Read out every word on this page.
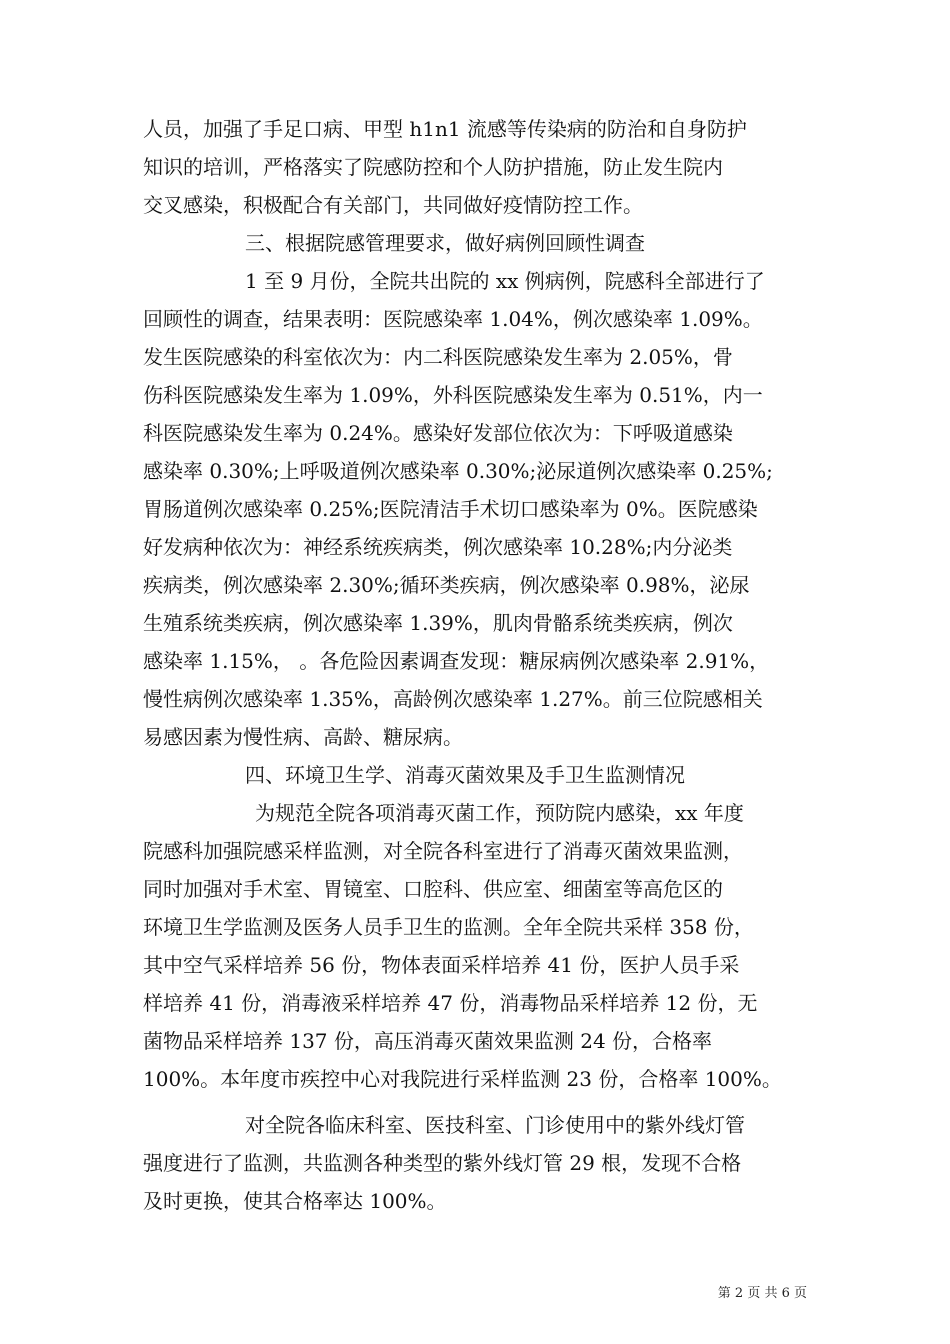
人员，加强了手足口病、甲型 h1n1 流感等传染病的防治和自身防护
知识的培训，严格落实了院感防控和个人防护措施，防止发生院内
交叉感染，积极配合有关部门，共同做好疫情防控工作。
三、根据院感管理要求，做好病例回顾性调查
1 至 9 月份，全院共出院的 xx 例病例，院感科全部进行了
回顾性的调查，结果表明：医院感染率 1.04%，例次感染率 1.09%。
发生医院感染的科室依次为：内二科医院感染发生率为 2.05%，骨
伤科医院感染发生率为 1.09%，外科医院感染发生率为 0.51%，内一
科医院感染发生率为 0.24%。感染好发部位依次为：下呼吸道感染
感染率 0.30%;上呼吸道例次感染率 0.30%;泌尿道例次感染率 0.25%;
胃肠道例次感染率 0.25%;医院清洁手术切口感染率为 0%。医院感染
好发病种依次为：神经系统疾病类，例次感染率 10.28%;内分泌类
疾病类，例次感染率 2.30%;循环类疾病，例次感染率 0.98%，泌尿
生殖系统类疾病，例次感染率 1.39%，肌肉骨骼系统类疾病，例次
感染率 1.15%， 。各危险因素调查发现：糖尿病例次感染率 2.91%，
慢性病例次感染率 1.35%，高龄例次感染率 1.27%。前三位院感相关
易感因素为慢性病、高龄、糖尿病。
四、环境卫生学、消毒灭菌效果及手卫生监测情况
为规范全院各项消毒灭菌工作，预防院内感染，xx 年度
院感科加强院感采样监测，对全院各科室进行了消毒灭菌效果监测，
同时加强对手术室、胃镜室、口腔科、供应室、细菌室等高危区的
环境卫生学监测及医务人员手卫生的监测。全年全院共采样 358 份，
其中空气采样培养 56 份，物体表面采样培养 41 份，医护人员手采
样培养 41 份，消毒液采样培养 47 份，消毒物品采样培养 12 份，无
菌物品采样培养 137 份，高压消毒灭菌效果监测 24 份，合格率
100%。本年度市疾控中心对我院进行采样监测 23 份，合格率 100%。
对全院各临床科室、医技科室、门诊使用中的紫外线灯管
强度进行了监测，共监测各种类型的紫外线灯管 29 根，发现不合格
及时更换，使其合格率达 100%。
第 2 页 共 6 页
